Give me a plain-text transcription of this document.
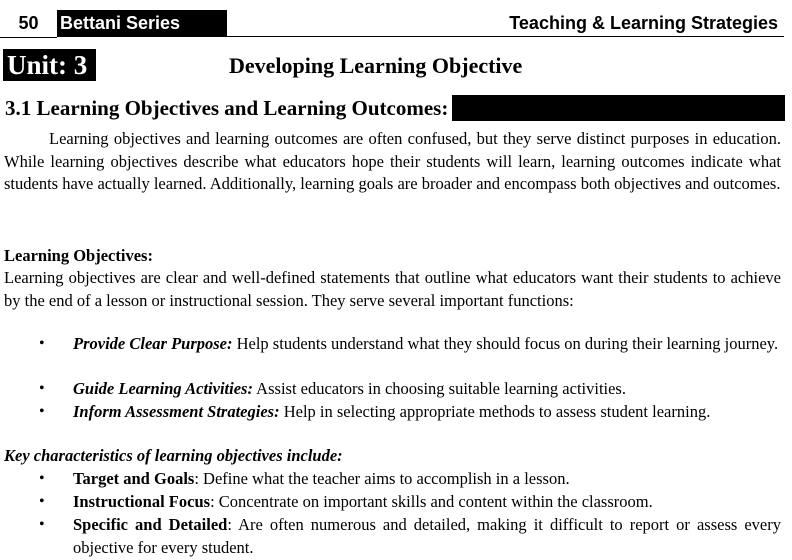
50	Bettani Series	Teaching & Learning Strategies
Unit: 3	Developing Learning Objective
3.1 Learning Objectives and Learning Outcomes:
Learning objectives and learning outcomes are often confused, but they serve distinct purposes in education. While learning objectives describe what educators hope their students will learn, learning outcomes indicate what students have actually learned. Additionally, learning goals are broader and encompass both objectives and outcomes.
Learning Objectives:
Learning objectives are clear and well-defined statements that outline what educators want their students to achieve by the end of a lesson or instructional session. They serve several important functions:
• Provide Clear Purpose: Help students understand what they should focus on during their learning journey.
• Guide Learning Activities: Assist educators in choosing suitable learning activities.
• Inform Assessment Strategies: Help in selecting appropriate methods to assess student learning.
Key characteristics of learning objectives include:
• Target and Goals: Define what the teacher aims to accomplish in a lesson.
• Instructional Focus: Concentrate on important skills and content within the classroom.
• Specific and Detailed: Are often numerous and detailed, making it difficult to report or assess every objective for every student.
